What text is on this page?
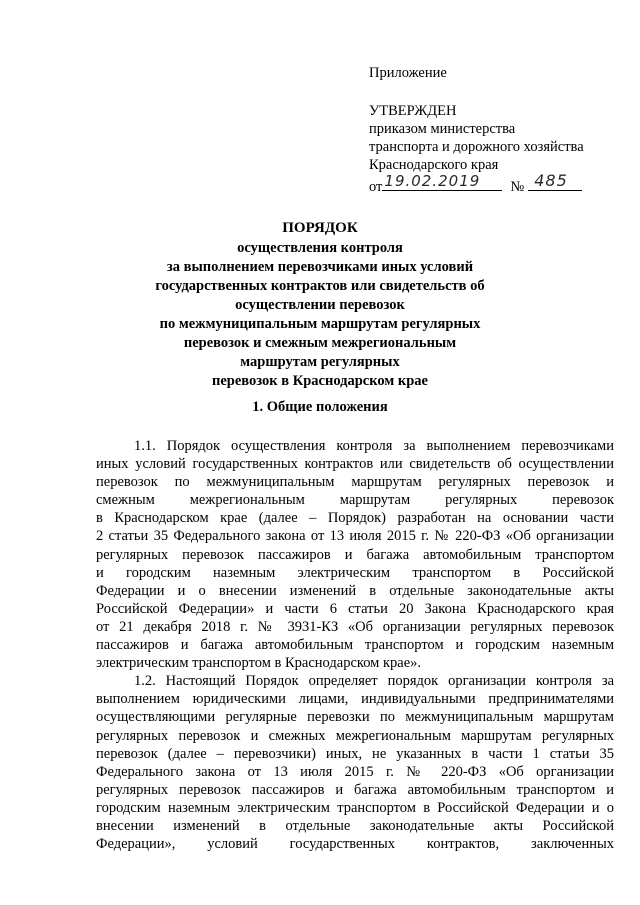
Приложение

УТВЕРЖДЕН

приказом министерства

транспорта и дорожного хозяйства

Краснодарского края

от 19.02.2019 № 485

ПОРЯДОК

осуществления контроля

за выполнением перевозчиками иных условий

государственных контрактов или свидетельств об

осуществлении перевозок

по межмуниципальным маршрутам регулярных

перевозок и смежным межрегиональным

маршрутам регулярных

перевозок в Краснодарском крае

1. Общие положения
1.1. Порядок осуществления контроля за выполнением перевозчиками
иных условий государственных контрактов или свидетельств об осуществлении
перевозок по межмуниципальным маршрутам регулярных перевозок и
смежным межрегиональным маршрутам регулярных перевозок
в Краснодарском крае (далее – Порядок) разработан на основании части
2 статьи 35 Федерального закона от 13 июля 2015 г. № 220-ФЗ «Об организации
регулярных перевозок пассажиров и багажа автомобильным транспортом
и городским наземным электрическим транспортом в Российской
Федерации и о внесении изменений в отдельные законодательные акты
Российской Федерации» и части 6 статьи 20 Закона Краснодарского края
от 21 декабря 2018 г. № 3931-КЗ «Об организации регулярных перевозок
пассажиров и багажа автомобильным транспортом и городским наземным
электрическим транспортом в Краснодарском крае».
1.2. Настоящий Порядок определяет порядок организации контроля за
выполнением юридическими лицами, индивидуальными предпринимателями
осуществляющими регулярные перевозки по межмуниципальным маршрутам
регулярных перевозок и смежных межрегиональным маршрутам регулярных
перевозок (далее – перевозчики) иных, не указанных в части 1 статьи 35
Федерального закона от 13 июля 2015 г. № 220-ФЗ «Об организации
регулярных перевозок пассажиров и багажа автомобильным транспортом и
городским наземным электрическим транспортом в Российской Федерации и о
внесении изменений в отдельные законодательные акты Российской
Федерации», условий государственных контрактов, заключенных
